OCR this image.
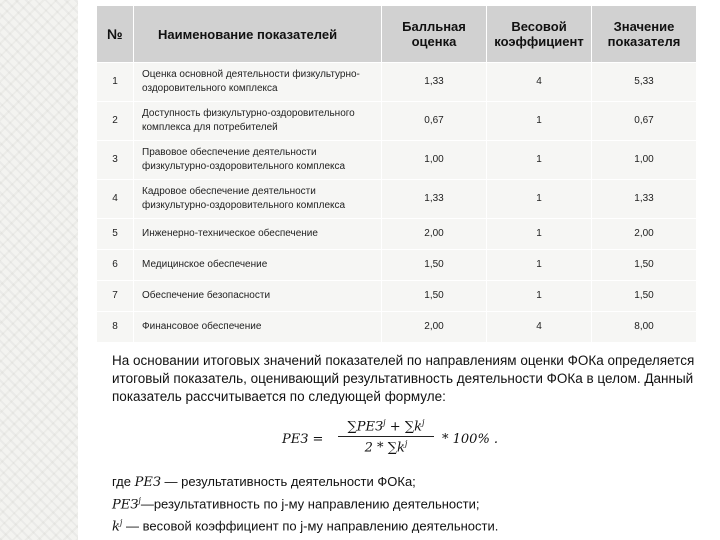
№	Наименование показателей	Балльная оценка	Весовой коэффициент	Значение показателя
1	Оценка основной деятельности физкультурно-оздоровительного комплекса	1,33	4	5,33
2	Доступность физкультурно-оздоровительного комплекса для потребителей	0,67	1	0,67
3	Правовое обеспечение деятельности физкультурно-оздоровительного комплекса	1,00	1	1,00
4	Кадровое обеспечение деятельности физкультурно-оздоровительного комплекса	1,33	1	1,33
5	Инженерно-техническое обеспечение	2,00	1	2,00
6	Медицинское обеспечение	1,50	1	1,50
7	Обеспечение безопасности	1,50	1	1,50
8	Финансовое обеспечение	2,00	4	8,00
На основании итоговых значений показателей по направлениям оценки ФОКа определяется итоговый показатель, оценивающий результативность деятельности ФОКа в целом. Данный показатель рассчитывается по следующей формуле:
РЕЗ =
$\sum РЕЗ^j + \sum k^j$
$2 * \sum k^j$	* 100% .
где РЕЗ — результативность деятельности ФОКа;
РЕЗ$^j$—результативность по j-му направлению деятельности;
$k^j$ — весовой коэффициент по j-му направлению деятельности.
